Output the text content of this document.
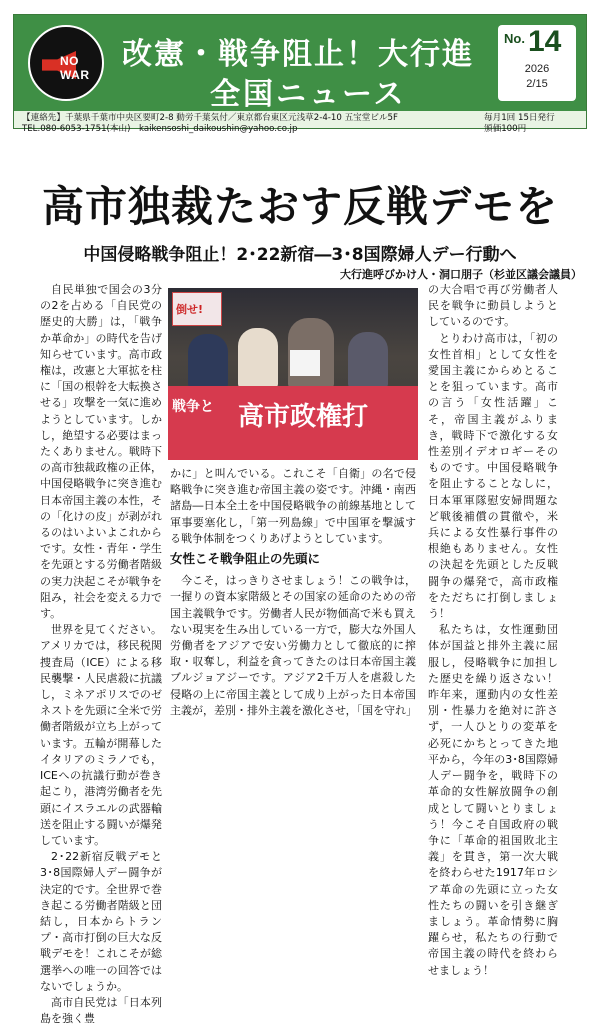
NO WAR
改憲・戦争阻止！大行進
全国ニュース
No. 14
2026
2/15
【連絡先】千葉県千葉市中央区要町2-8 動労千葉気付／東京都台東区元浅草2-4-10 五宝堂ビル5F
TEL.080-6053-1751(本山)　kaikensoshi_daikoushin@yahoo.co.jp
毎月1回 15日発行
頒価100円
高市独裁たおす反戦デモを
中国侵略戦争阻止！2･22新宿―3･8国際婦人デー行動へ
大行進呼びかけ人・洞口朋子（杉並区議会議員）

自民単独で国会の3分の2を占める「自民党の歴史的大勝」は，「戦争か革命か」の時代を告げ知らせています。高市政権は，改憲と大軍拡を柱に「国の根幹を大転換させる」攻撃を一気に進めようとしています。しかし，絶望する必要はまったくありません。戦時下の高市独裁政権の正体，中国侵略戦争に突き進む日本帝国主義の本性，その「化けの皮」が剥がれるのはいよいよこれからです。女性・青年・学生を先頭とする労働者階級の実力決起こそが戦争を阻み，社会を変える力です。

世界を見てください。アメリカでは，移民税関捜査局（ICE）による移民襲撃・人民虐殺に抗議し，ミネアポリスでのゼネストを先頭に全米で労働者階級が立ち上がっています。五輪が開幕したイタリアのミラノでも，ICEへの抗議行動が巻き起こり，港湾労働者を先頭にイスラエルの武器輸送を阻止する闘いが爆発しています。

2･22新宿反戦デモと3･8国際婦人デー闘争が決定的です。全世界で巻き起こる労働者階級と団結し，日本からトランプ・高市打倒の巨大な反戦デモを！これこそが総選挙への唯一の回答ではないでしょうか。

高市自民党は「日本列島を強く豊

倒せ!
戦争と 高市政権打

かに」と叫んでいる。これこそ「自衛」の名で侵略戦争に突き進む帝国主義の姿です。沖縄・南西諸島―日本全土を中国侵略戦争の前線基地として軍事要塞化し，「第一列島線」で中国軍を撃滅する戦争体制をつくりあげようとしています。

女性こそ戦争阻止の先頭に

今こそ，はっきりさせましょう！この戦争は，一握りの資本家階級とその国家の延命のための帝国主義戦争です。労働者人民が物価高で米も買えない現実を生み出している一方で，膨大な外国人労働者をアジアで安い労働力として徹底的に搾取・収奪し，利益を貪ってきたのは日本帝国主義ブルジョアジーです。アジア2千万人を虐殺した侵略の上に帝国主義として成り上がった日本帝国主義が，差別・排外主義を激化させ，「国を守れ」

の大合唱で再び労働者人民を戦争に動員しようとしているのです。

とりわけ高市は，「初の女性首相」として女性を愛国主義にからめとることを狙っています。高市の言う「女性活躍」こそ，帝国主義がふりまき，戦時下で激化する女性差別イデオロギーそのものです。中国侵略戦争を阻止することなしに，日本軍軍隊慰安婦問題など戦後補償の貫徹や，米兵による女性暴行事件の根絶もありません。女性の決起を先頭とした反戦闘争の爆発で，高市政権をただちに打倒しましょう！

私たちは，女性運動団体が国益と排外主義に屈服し，侵略戦争に加担した歴史を繰り返さない！昨年来，運動内の女性差別・性暴力を絶対に許さず，一人ひとりの変革を必死にかちとってきた地平から，今年の3･8国際婦人デー闘争を，戦時下の革命的女性解放闘争の創成として闘いとりましょう！今こそ自国政府の戦争に「革命的祖国敗北主義」を貫き，第一次大戦を終わらせた1917年ロシア革命の先頭に立った女性たちの闘いを引き継ぎましょう。革命情勢に胸躍らせ，私たちの行動で帝国主義の時代を終わらせましょう！
